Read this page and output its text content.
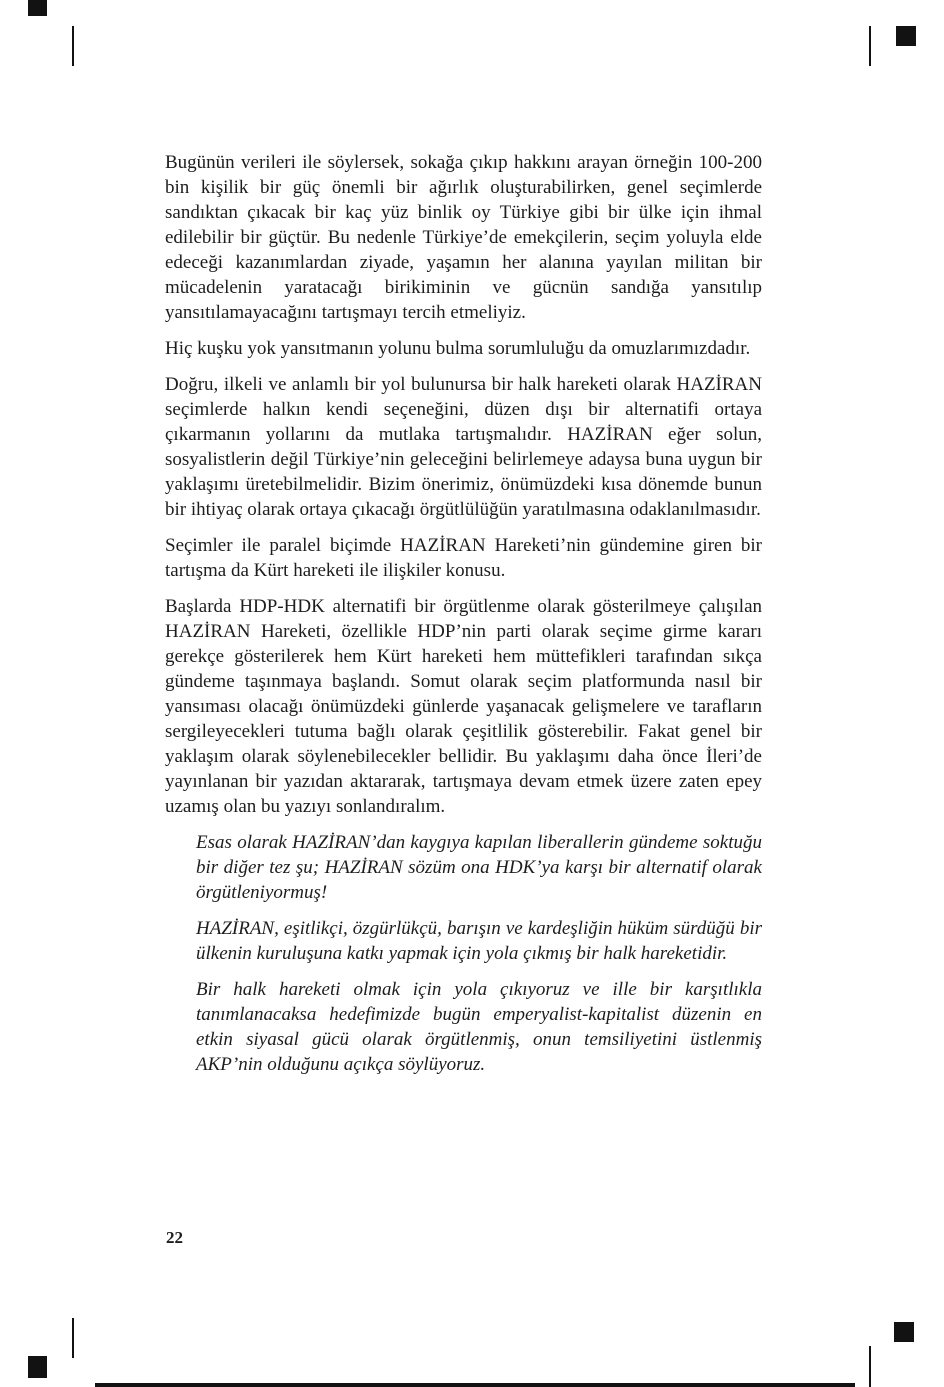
Bugünün verileri ile söylersek, sokağa çıkıp hakkını arayan örneğin 100-200 bin kişilik bir güç önemli bir ağırlık oluşturabilirken, genel seçimlerde sandıktan çıkacak bir kaç yüz binlik oy Türkiye gibi bir ülke için ihmal edilebilir bir güçtür. Bu nedenle Türkiye’de emekçilerin, seçim yoluyla elde edeceği kazanımlardan ziyade, yaşamın her alanına yayılan militan bir mücadelenin yaratacağı birikiminin ve gücnün sandığa yansıtılıp yansıtılamayacağını tartışmayı tercih etmeliyiz.

Hiç kuşku yok yansıtmanın yolunu bulma sorumluluğu da omuzlarımızdadır.

Doğru, ilkeli ve anlamlı bir yol bulunursa bir halk hareketi olarak HAZİRAN seçimlerde halkın kendi seçeneğini, düzen dışı bir alternatifi ortaya çıkarmanın yollarını da mutlaka tartışmalıdır. HAZİRAN eğer solun, sosyalistlerin değil Türkiye’nin geleceğini belirlemeye adaysa buna uygun bir yaklaşımı üretebilmelidir. Bizim önerimiz, önümüzdeki kısa dönemde bunun bir ihtiyaç olarak ortaya çıkacağı örgütlülüğün yaratılmasına odaklanılmasıdır.

Seçimler ile paralel biçimde HAZİRAN Hareketi’nin gündemine giren bir tartışma da Kürt hareketi ile ilişkiler konusu.

Başlarda HDP-HDK alternatifi bir örgütlenme olarak gösterilmeye çalışılan HAZİRAN Hareketi, özellikle HDP’nin parti olarak seçime girme kararı gerekçe gösterilerek hem Kürt hareketi hem müttefikleri tarafından sıkça gündeme taşınmaya başlandı. Somut olarak seçim platformunda nasıl bir yansıması olacağı önümüzdeki günlerde yaşanacak gelişmelere ve tarafların sergileyecekleri tutuma bağlı olarak çeşitlilik gösterebilir. Fakat genel bir yaklaşım olarak söylenebilecekler bellidir. Bu yaklaşımı daha önce İleri’de yayınlanan bir yazıdan aktararak, tartışmaya devam etmek üzere zaten epey uzamış olan bu yazıyı sonlandıralım.

Esas olarak HAZİRAN’dan kaygıya kapılan liberallerin gündeme soktuğu bir diğer tez şu; HAZİRAN sözüm ona HDK’ya karşı bir alternatif olarak örgütleniyormuş!

HAZİRAN, eşitlikçi, özgürlükçü, barışın ve kardeşliğin hüküm sürdüğü bir ülkenin kuruluşuna katkı yapmak için yola çıkmış bir halk hareketidir.

Bir halk hareketi olmak için yola çıkıyoruz ve ille bir karşıtlıkla tanımlanacaksa hedefimizde bugün emperyalist-kapitalist düzenin en etkin siyasal gücü olarak örgütlenmiş, onun temsiliyetini üstlenmiş AKP’nin olduğunu açıkça söylüyoruz.

22
